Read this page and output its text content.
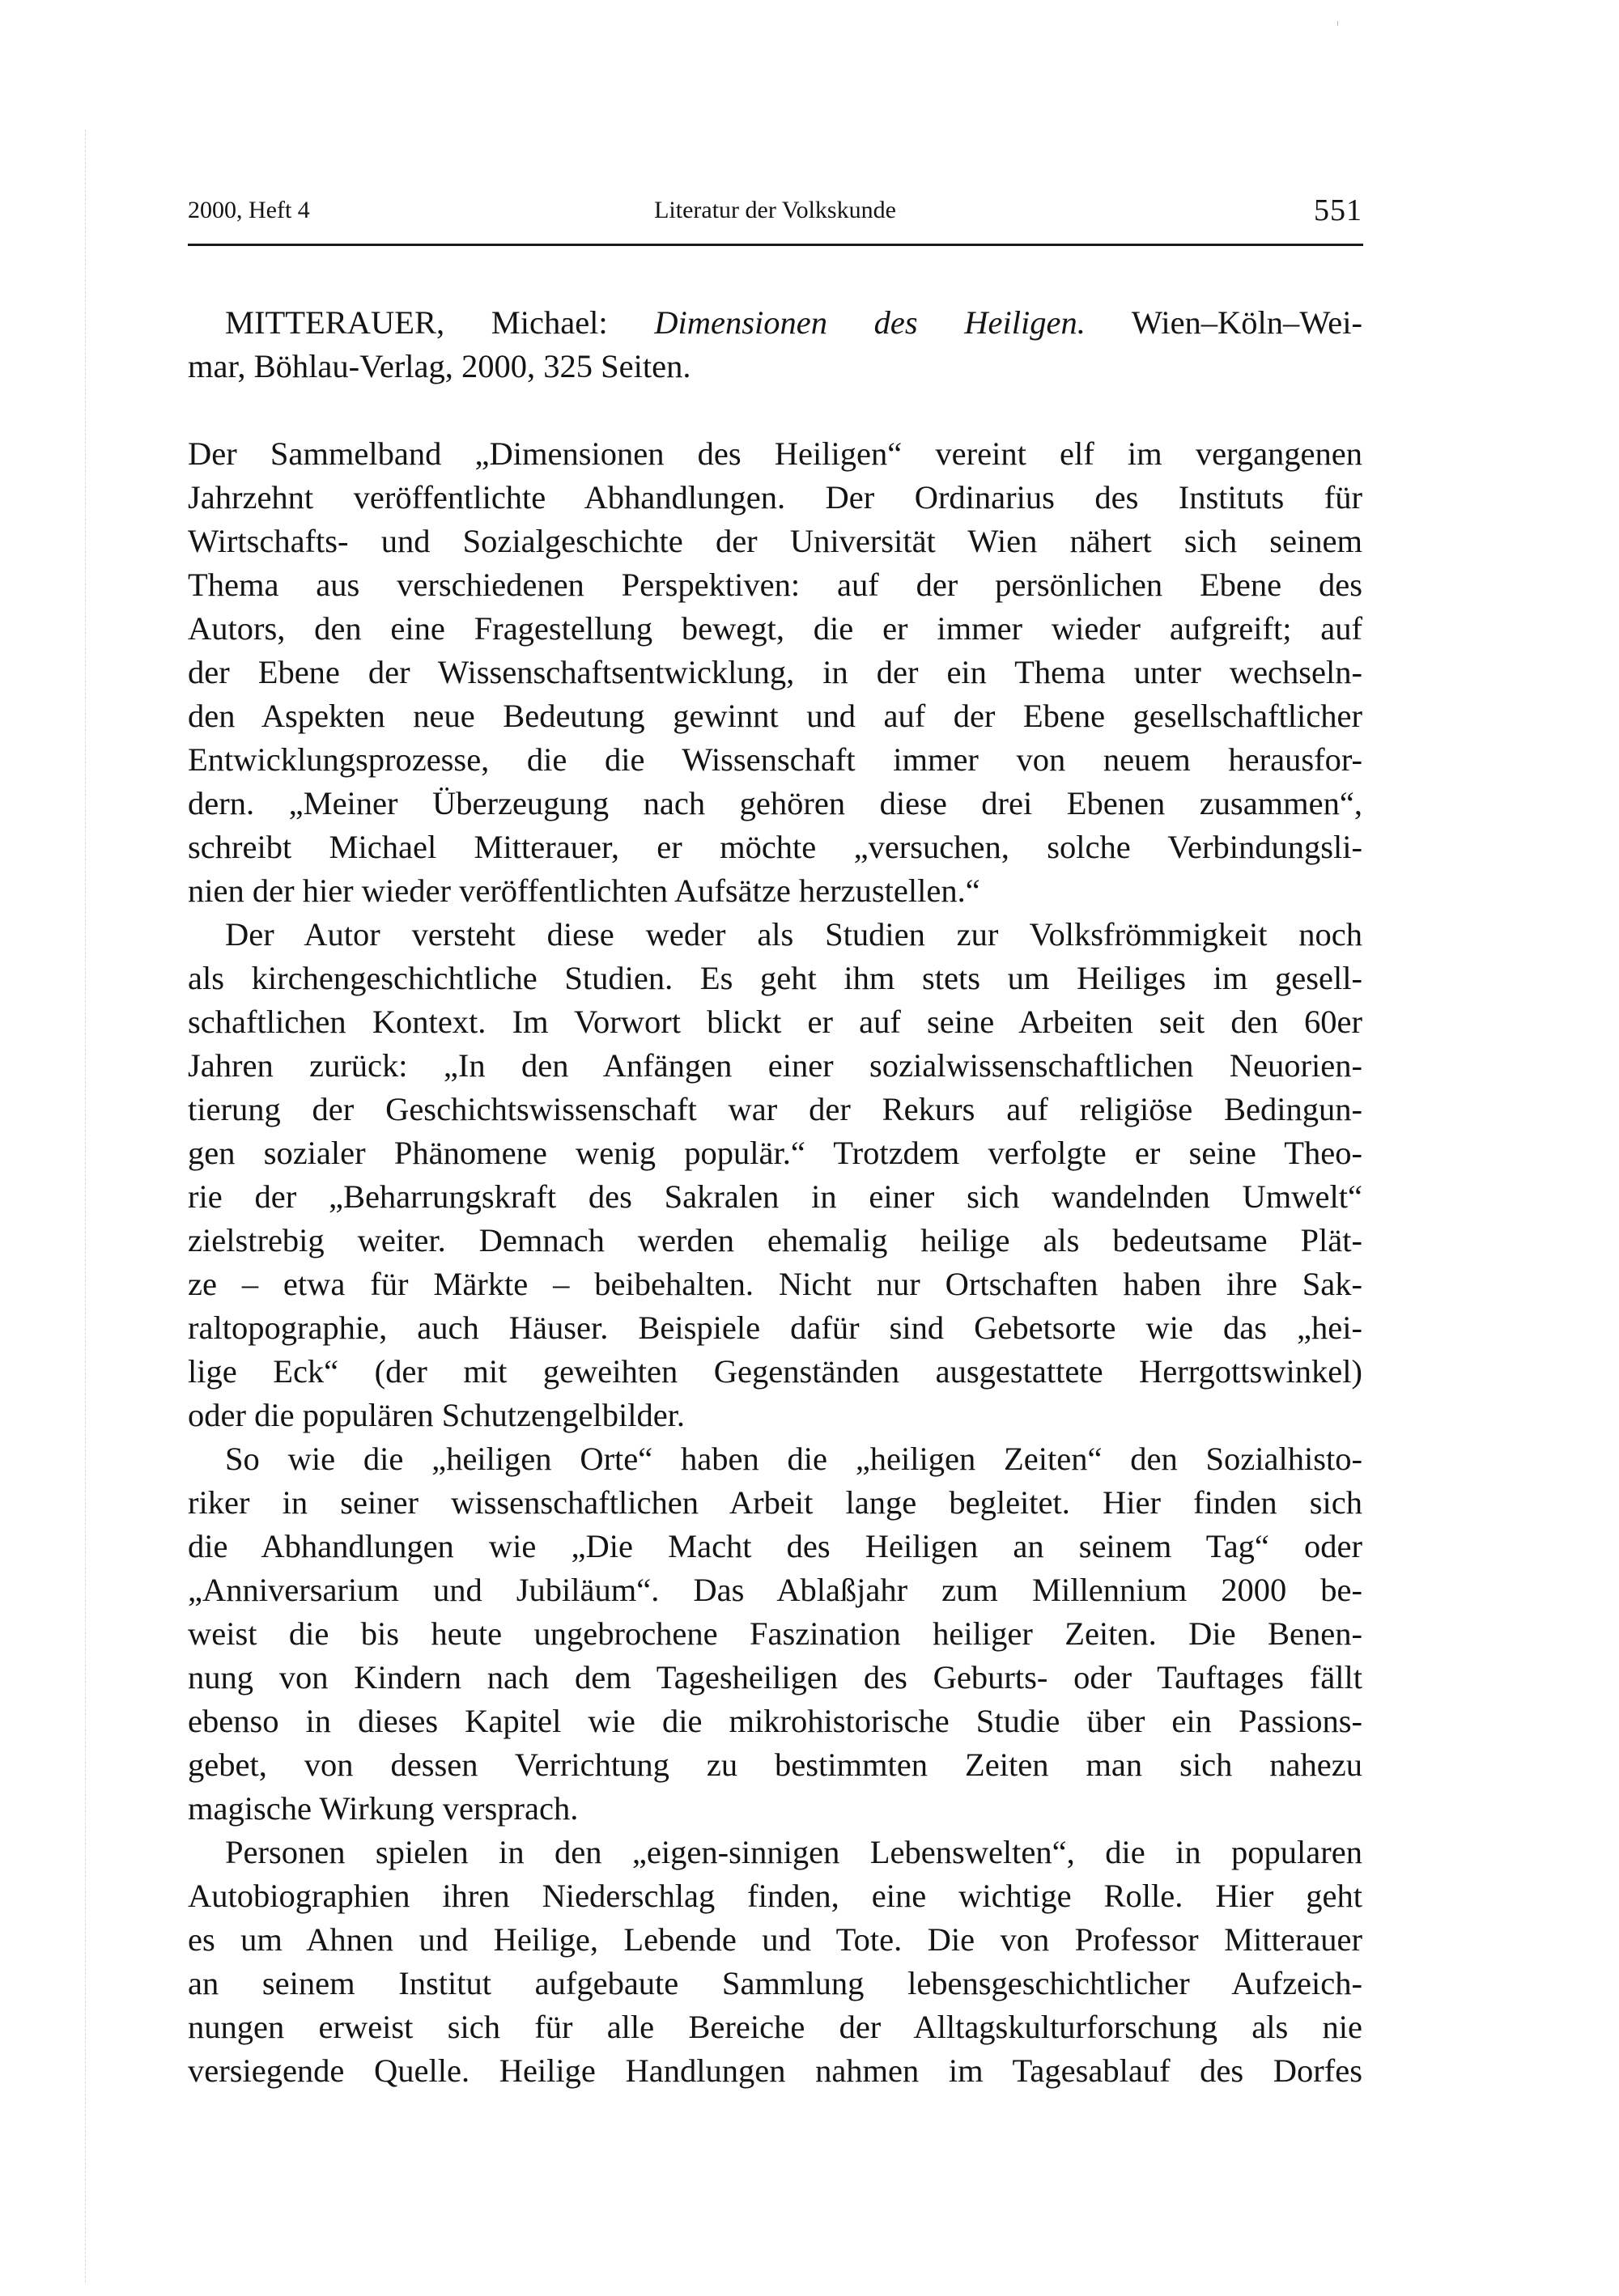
2000, Heft 4	Literatur der Volkskunde	551
MITTERAUER, Michael: Dimensionen des Heiligen. Wien–Köln–Wei-
mar, Böhlau-Verlag, 2000, 325 Seiten.
Der Sammelband „Dimensionen des Heiligen“ vereint elf im vergangenen
Jahrzehnt veröffentlichte Abhandlungen. Der Ordinarius des Instituts für
Wirtschafts- und Sozialgeschichte der Universität Wien nähert sich seinem
Thema aus verschiedenen Perspektiven: auf der persönlichen Ebene des
Autors, den eine Fragestellung bewegt, die er immer wieder aufgreift; auf
der Ebene der Wissenschaftsentwicklung, in der ein Thema unter wechseln-
den Aspekten neue Bedeutung gewinnt und auf der Ebene gesellschaftlicher
Entwicklungsprozesse, die die Wissenschaft immer von neuem herausfor-
dern. „Meiner Überzeugung nach gehören diese drei Ebenen zusammen“,
schreibt Michael Mitterauer, er möchte „versuchen, solche Verbindungsli-
nien der hier wieder veröffentlichten Aufsätze herzustellen.“
Der Autor versteht diese weder als Studien zur Volksfrömmigkeit noch
als kirchengeschichtliche Studien. Es geht ihm stets um Heiliges im gesell-
schaftlichen Kontext. Im Vorwort blickt er auf seine Arbeiten seit den 60er
Jahren zurück: „In den Anfängen einer sozialwissenschaftlichen Neuorien-
tierung der Geschichtswissenschaft war der Rekurs auf religiöse Bedingun-
gen sozialer Phänomene wenig populär.“ Trotzdem verfolgte er seine Theo-
rie der „Beharrungskraft des Sakralen in einer sich wandelnden Umwelt“
zielstrebig weiter. Demnach werden ehemalig heilige als bedeutsame Plät-
ze – etwa für Märkte – beibehalten. Nicht nur Ortschaften haben ihre Sak-
raltopographie, auch Häuser. Beispiele dafür sind Gebetsorte wie das „hei-
lige Eck“ (der mit geweihten Gegenständen ausgestattete Herrgottswinkel)
oder die populären Schutzengelbilder.
So wie die „heiligen Orte“ haben die „heiligen Zeiten“ den Sozialhisto-
riker in seiner wissenschaftlichen Arbeit lange begleitet. Hier finden sich
die Abhandlungen wie „Die Macht des Heiligen an seinem Tag“ oder
„Anniversarium und Jubiläum“. Das Ablaßjahr zum Millennium 2000 be-
weist die bis heute ungebrochene Faszination heiliger Zeiten. Die Benen-
nung von Kindern nach dem Tagesheiligen des Geburts- oder Tauftages fällt
ebenso in dieses Kapitel wie die mikrohistorische Studie über ein Passions-
gebet, von dessen Verrichtung zu bestimmten Zeiten man sich nahezu
magische Wirkung versprach.
Personen spielen in den „eigen-sinnigen Lebenswelten“, die in popularen
Autobiographien ihren Niederschlag finden, eine wichtige Rolle. Hier geht
es um Ahnen und Heilige, Lebende und Tote. Die von Professor Mitterauer
an seinem Institut aufgebaute Sammlung lebensgeschichtlicher Aufzeich-
nungen erweist sich für alle Bereiche der Alltagskulturforschung als nie
versiegende Quelle. Heilige Handlungen nahmen im Tagesablauf des Dorfes
